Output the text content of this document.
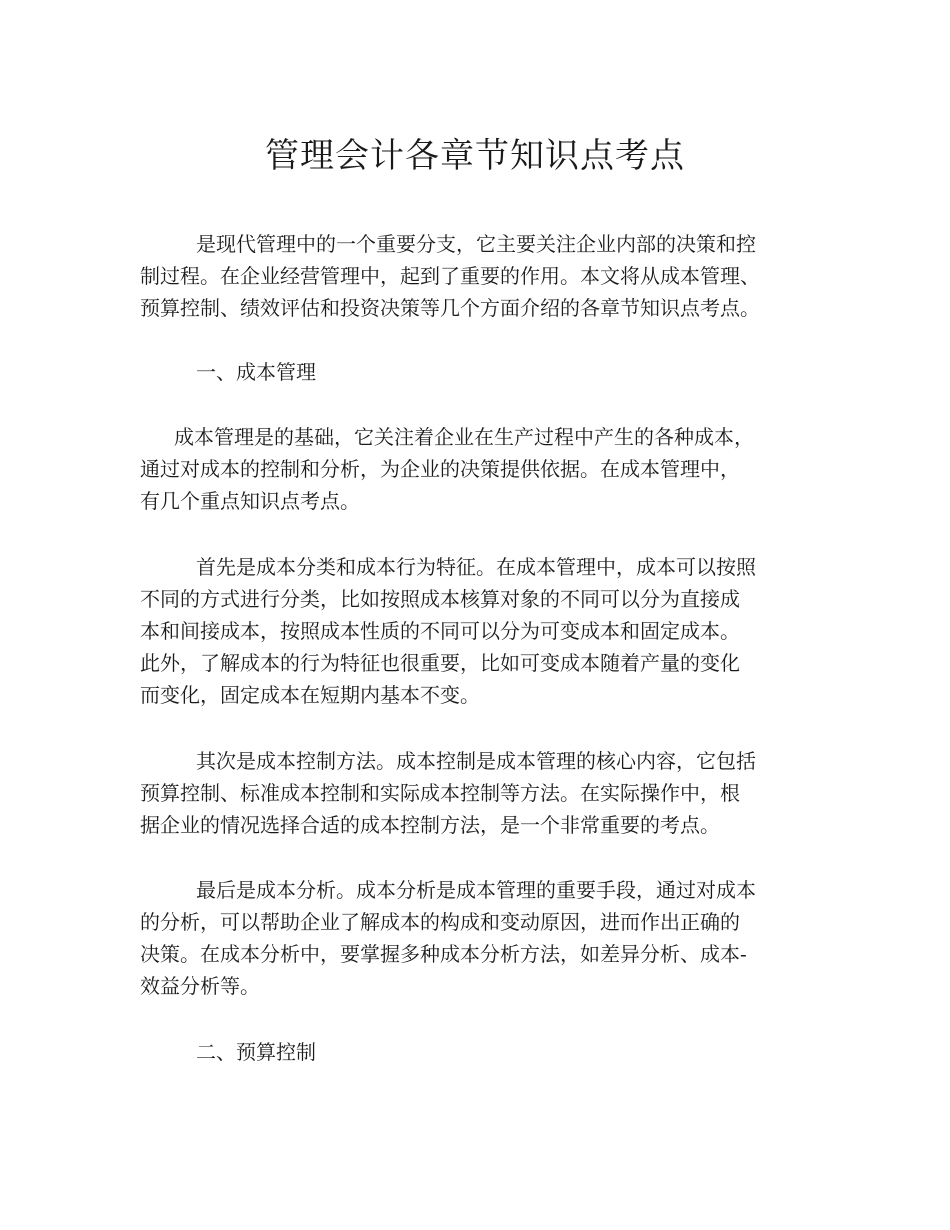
管理会计各章节知识点考点
是现代管理中的一个重要分支，它主要关注企业内部的决策和控
制过程。在企业经营管理中，起到了重要的作用。本文将从成本管理、
预算控制、绩效评估和投资决策等几个方面介绍的各章节知识点考点。
一、成本管理
成本管理是的基础，它关注着企业在生产过程中产生的各种成本，
通过对成本的控制和分析，为企业的决策提供依据。在成本管理中，
有几个重点知识点考点。
首先是成本分类和成本行为特征。在成本管理中，成本可以按照
不同的方式进行分类，比如按照成本核算对象的不同可以分为直接成
本和间接成本，按照成本性质的不同可以分为可变成本和固定成本。
此外，了解成本的行为特征也很重要，比如可变成本随着产量的变化
而变化，固定成本在短期内基本不变。
其次是成本控制方法。成本控制是成本管理的核心内容，它包括
预算控制、标准成本控制和实际成本控制等方法。在实际操作中，根
据企业的情况选择合适的成本控制方法，是一个非常重要的考点。
最后是成本分析。成本分析是成本管理的重要手段，通过对成本
的分析，可以帮助企业了解成本的构成和变动原因，进而作出正确的
决策。在成本分析中，要掌握多种成本分析方法，如差异分析、成本-
效益分析等。
二、预算控制
